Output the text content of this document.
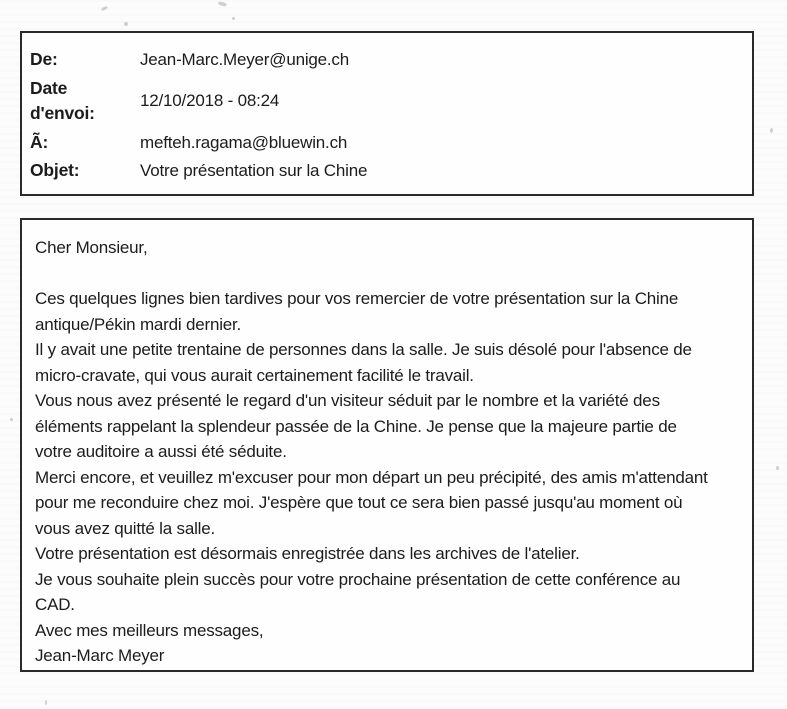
De:	Jean-Marc.Meyer@unige.ch
Date d'envoi:
12/10/2018 - 08:24
Ã:	mefteh.ragama@bluewin.ch
Objet:	Votre présentation sur la Chine
Cher Monsieur,
Ces quelques lignes bien tardives pour vos remercier de votre présentation sur la Chine
antique/Pékin mardi dernier.
Il y avait une petite trentaine de personnes dans la salle. Je suis désolé pour l'absence de
micro-cravate, qui vous aurait certainement facilité le travail.
Vous nous avez présenté le regard d'un visiteur séduit par le nombre et la variété des
éléments rappelant la splendeur passée de la Chine. Je pense que la majeure partie de
votre auditoire a aussi été séduite.
Merci encore, et veuillez m'excuser pour mon départ un peu précipité, des amis m'attendant
pour me reconduire chez moi. J'espère que tout ce sera bien passé jusqu'au moment où
vous avez quitté la salle.
Votre présentation est désormais enregistrée dans les archives de l'atelier.
Je vous souhaite plein succès pour votre prochaine présentation de cette conférence au
CAD.
Avec mes meilleurs messages,
Jean-Marc Meyer
